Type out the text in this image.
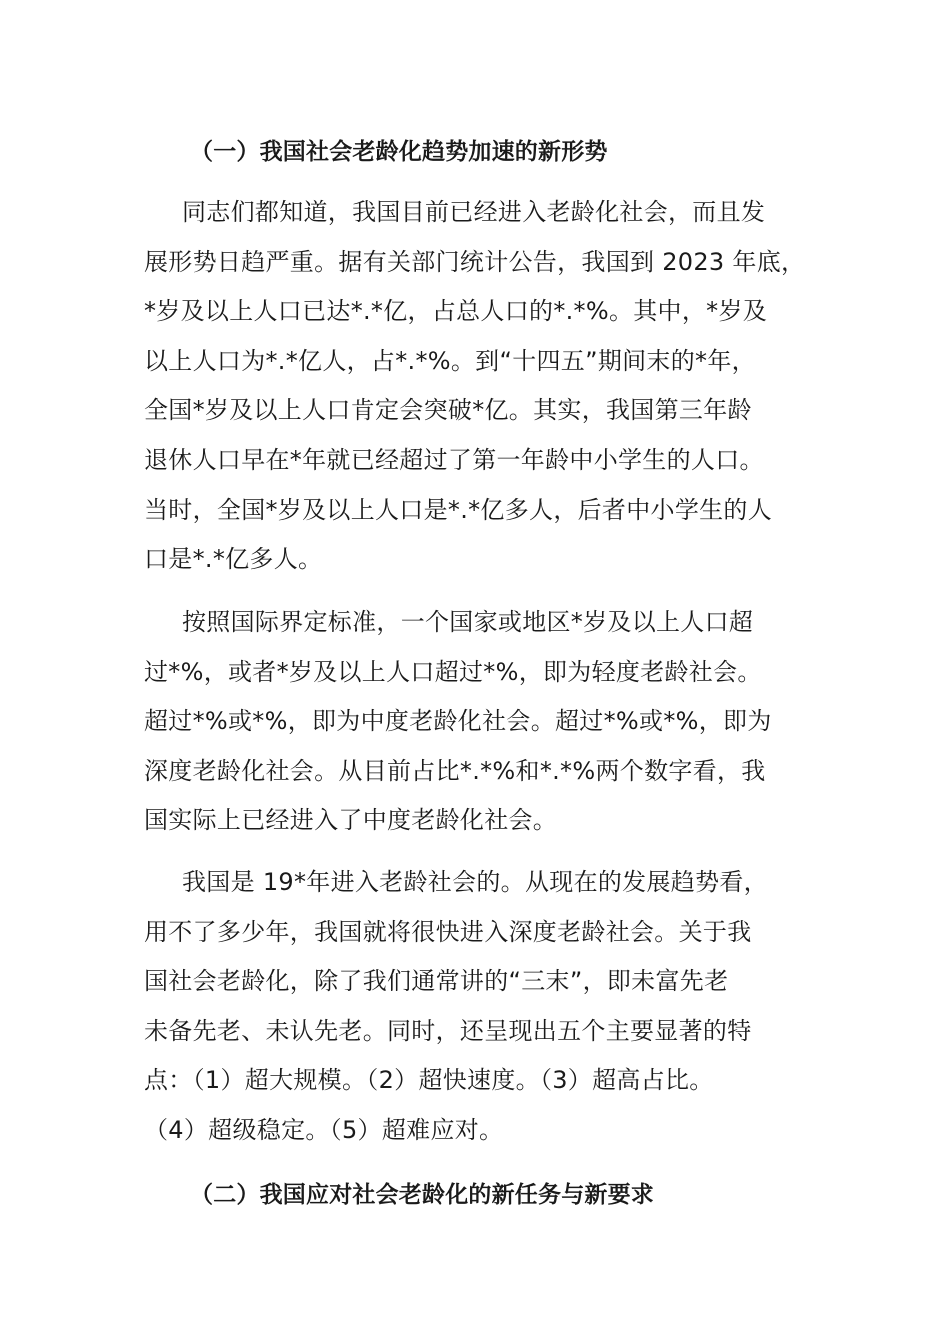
（一）我国社会老龄化趋势加速的新形势
同志们都知道，我国目前已经进入老龄化社会，而且发
展形势日趋严重。据有关部门统计公告，我国到 2023 年底，
*岁及以上人口已达*.*亿，占总人口的*.*%。其中，*岁及
以上人口为*.*亿人，占*.*%。到“十四五”期间末的*年，
全国*岁及以上人口肯定会突破*亿。其实，我国第三年龄
退休人口早在*年就已经超过了第一年龄中小学生的人口。
当时，全国*岁及以上人口是*.*亿多人，后者中小学生的人
口是*.*亿多人。
按照国际界定标准，一个国家或地区*岁及以上人口超
过*%，或者*岁及以上人口超过*%，即为轻度老龄社会。
超过*%或*%，即为中度老龄化社会。超过*%或*%，即为
深度老龄化社会。从目前占比*.*%和*.*%两个数字看，我
国实际上已经进入了中度老龄化社会。
我国是 19*年进入老龄社会的。从现在的发展趋势看，
用不了多少年，我国就将很快进入深度老龄社会。关于我
国社会老龄化，除了我们通常讲的“三末”，即未富先老
未备先老、未认先老。同时，还呈现出五个主要显著的特
点：（1）超大规模。（2）超快速度。（3）超高占比。
（4）超级稳定。（5）超难应对。
（二）我国应对社会老龄化的新任务与新要求
